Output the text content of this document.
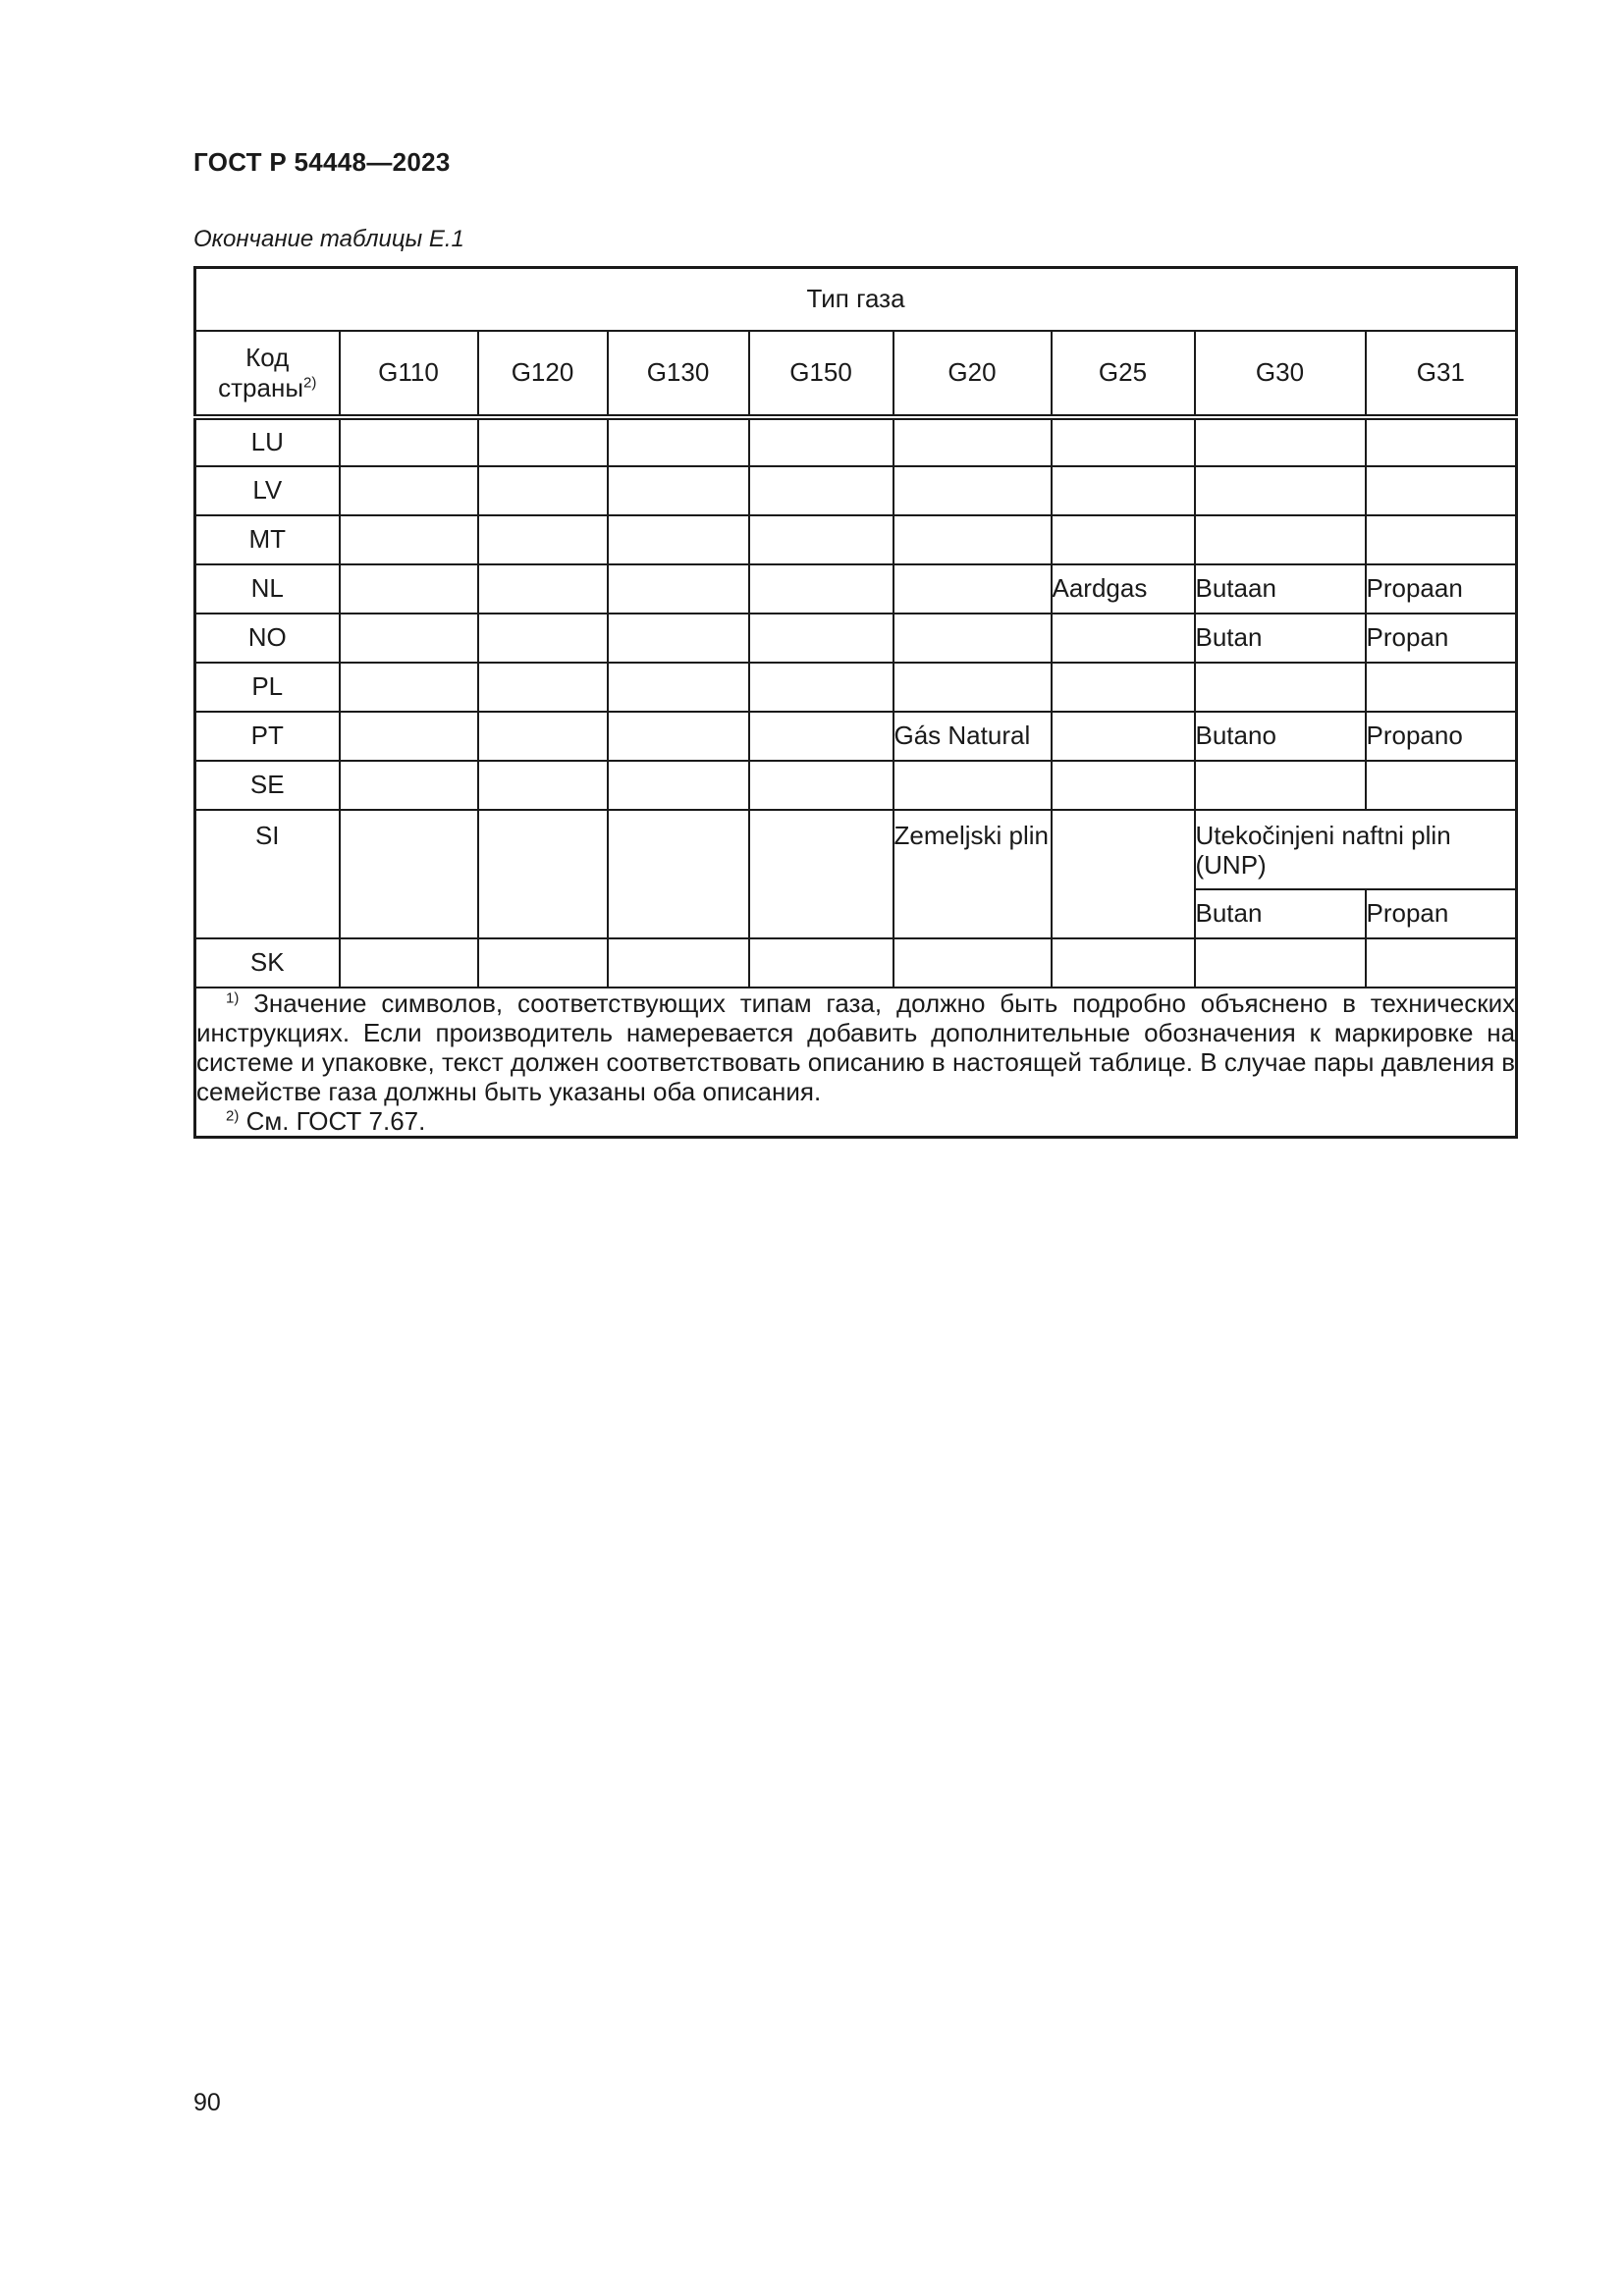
ГОСТ Р 54448—2023
Окончание таблицы Е.1
Тип газа								
Код страны$^{2)}$	G110	G120	G130	G150	G20	G25	G30	G31
LU								
LV								
MT								
NL						Aardgas	Butaan	Propaan
NO							Butan	Propan
PL								
PT					Gás Natural		Butano	Propano
SE								
SI					Zemeljski plin		Utekočinjeni naftni plin (UNP)	
							Butan	Propan
SK								

$^{1)}$ Значение символов, соответствующих типам газа, должно быть подробно объяснено в технических инструкциях. Если производитель намеревается добавить дополнительные обозначения к маркировке на системе и упаковке, текст должен соответствовать описанию в настоящей таблице. В случае пары давления в семействе газа должны быть указаны оба описания.
$^{2)}$ См. ГОСТ 7.67.								
90
